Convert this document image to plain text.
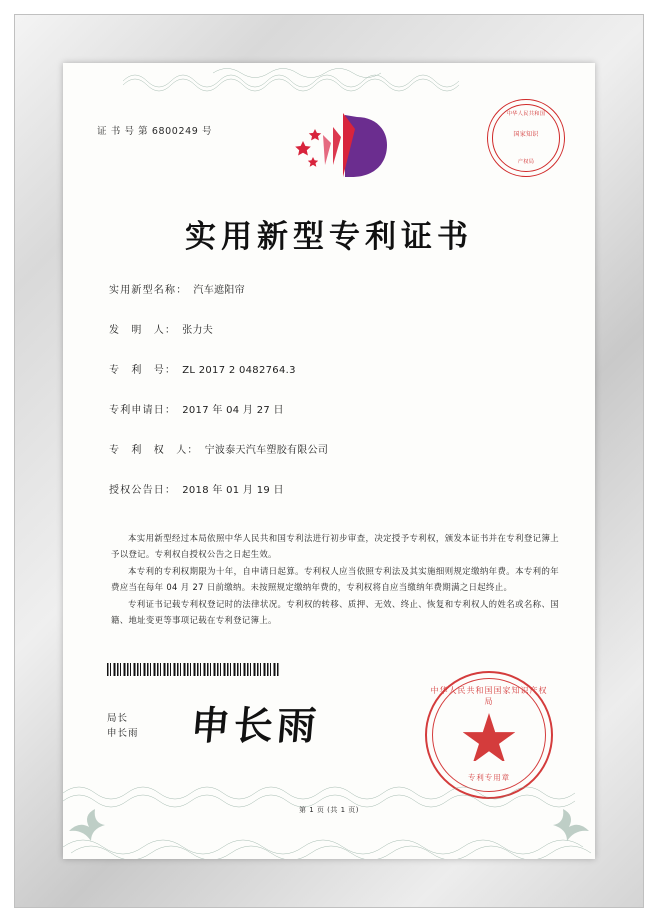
证 书 号 第 6800249 号
中华人民共和国
国家知识
产权局
实用新型专利证书
实用新型名称： 汽车遮阳帘
发　明　人： 张力夫
专　利　号： ZL 2017 2 0482764.3
专利申请日： 2017 年 04 月 27 日
专　利　权　人： 宁波泰天汽车塑胶有限公司
授权公告日： 2018 年 01 月 19 日

本实用新型经过本局依照中华人民共和国专利法进行初步审查，决定授予专利权，颁发本证书并在专利登记簿上予以登记。专利权自授权公告之日起生效。

本专利的专利权期限为十年，自申请日起算。专利权人应当依照专利法及其实施细则规定缴纳年费。本专利的年费应当在每年 04 月 27 日前缴纳。未按照规定缴纳年费的，专利权将自应当缴纳年费期满之日起终止。

专利证书记载专利权登记时的法律状况。专利权的转移、质押、无效、终止、恢复和专利权人的姓名或名称、国籍、地址变更等事项记载在专利登记簿上。

局长
申长雨 申长雨
中华人民共和国国家知识产权局
专利专用章
第 1 页 (共 1 页)
